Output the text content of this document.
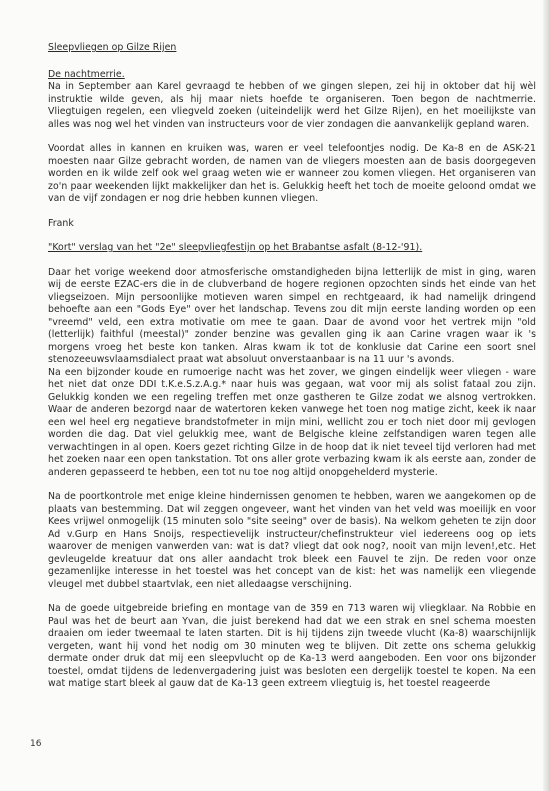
Sleepvliegen op Gilze Rijen

De nachtmerrie.

Na in September aan Karel gevraagd te hebben of we gingen slepen, zei hij in oktober dat hij wèl instruktie wilde geven, als hij maar niets hoefde te organiseren. Toen begon de nachtmerrie. Vliegtuigen regelen, een vliegveld zoeken (uiteindelijk werd het Gilze Rijen), en het moeilijkste van alles was nog wel het vinden van instructeurs voor de vier zondagen die aanvankelijk gepland waren.

Voordat alles in kannen en kruiken was, waren er veel telefoontjes nodig. De Ka-8 en de ASK-21 moesten naar Gilze gebracht worden, de namen van de vliegers moesten aan de basis doorgegeven worden en ik wilde zelf ook wel graag weten wie er wanneer zou komen vliegen. Het organiseren van zo'n paar weekenden lijkt makkelijker dan het is. Gelukkig heeft het toch de moeite geloond omdat we van de vijf zondagen er nog drie hebben kunnen vliegen.

Frank

"Kort" verslag van het "2e" sleepvliegfestijn op het Brabantse asfalt (8-12-'91).

Daar het vorige weekend door atmosferische omstandigheden bijna letterlijk de mist in ging, waren wij de eerste EZAC-ers die in de clubverband de hogere regionen opzochten sinds het einde van het vliegseizoen. Mijn persoonlijke motieven waren simpel en rechtgeaard, ik had namelijk dringend behoefte aan een "Gods Eye" over het landschap. Tevens zou dit mijn eerste landing worden op een "vreemd" veld, een extra motivatie om mee te gaan. Daar de avond voor het vertrek mijn "old (letterlijk) faithful (meestal)" zonder benzine was gevallen ging ik aan Carine vragen waar ik 's morgens vroeg het beste kon tanken. Alras kwam ik tot de konklusie dat Carine een soort snel stenozeeuwsvlaamsdialect praat wat absoluut onverstaanbaar is na 11 uur 's avonds.

Na een bijzonder koude en rumoerige nacht was het zover, we gingen eindelijk weer vliegen - ware het niet dat onze DDI t.K.e.S.z.A.g.* naar huis was gegaan, wat voor mij als solist fataal zou zijn. Gelukkig konden we een regeling treffen met onze gastheren te Gilze zodat we alsnog vertrokken. Waar de anderen bezorgd naar de watertoren keken vanwege het toen nog matige zicht, keek ik naar een wel heel erg negatieve brandstofmeter in mijn mini, wellicht zou er toch niet door mij gevlogen worden die dag. Dat viel gelukkig mee, want de Belgische kleine zelfstandigen waren tegen alle verwachtingen in al open. Koers gezet richting Gilze in de hoop dat ik niet teveel tijd verloren had met het zoeken naar een open tankstation. Tot ons aller grote verbazing kwam ik als eerste aan, zonder de anderen gepasseerd te hebben, een tot nu toe nog altijd onopgehelderd mysterie.

Na de poortkontrole met enige kleine hindernissen genomen te hebben, waren we aangekomen op de plaats van bestemming. Dat wil zeggen ongeveer, want het vinden van het veld was moeilijk en voor Kees vrijwel onmogelijk (15 minuten solo "site seeing" over de basis). Na welkom geheten te zijn door Ad v.Gurp en Hans Snoijs, respectievelijk instructeur/chefinstrukteur viel iedereens oog op iets waarover de menigen vanwerden van: wat is dat? vliegt dat ook nog?, nooit van mijn leven!,etc. Het gevleugelde kreatuur dat ons aller aandacht trok bleek een Fauvel te zijn. De reden voor onze gezamenlijke interesse in het toestel was het concept van de kist: het was namelijk een vliegende vleugel met dubbel staartvlak, een niet alledaagse verschijning.

Na de goede uitgebreide briefing en montage van de 359 en 713 waren wij vliegklaar. Na Robbie en Paul was het de beurt aan Yvan, die juist berekend had dat we een strak en snel schema moesten draaien om ieder tweemaal te laten starten. Dit is hij tijdens zijn tweede vlucht (Ka-8) waarschijnlijk vergeten, want hij vond het nodig om 30 minuten weg te blijven. Dit zette ons schema gelukkig dermate onder druk dat mij een sleepvlucht op de Ka-13 werd aangeboden. Een voor ons bijzonder toestel, omdat tijdens de ledenvergadering juist was besloten een dergelijk toestel te kopen. Na een wat matige start bleek al gauw dat de Ka-13 geen extreem vliegtuig is, het toestel reageerde

16
